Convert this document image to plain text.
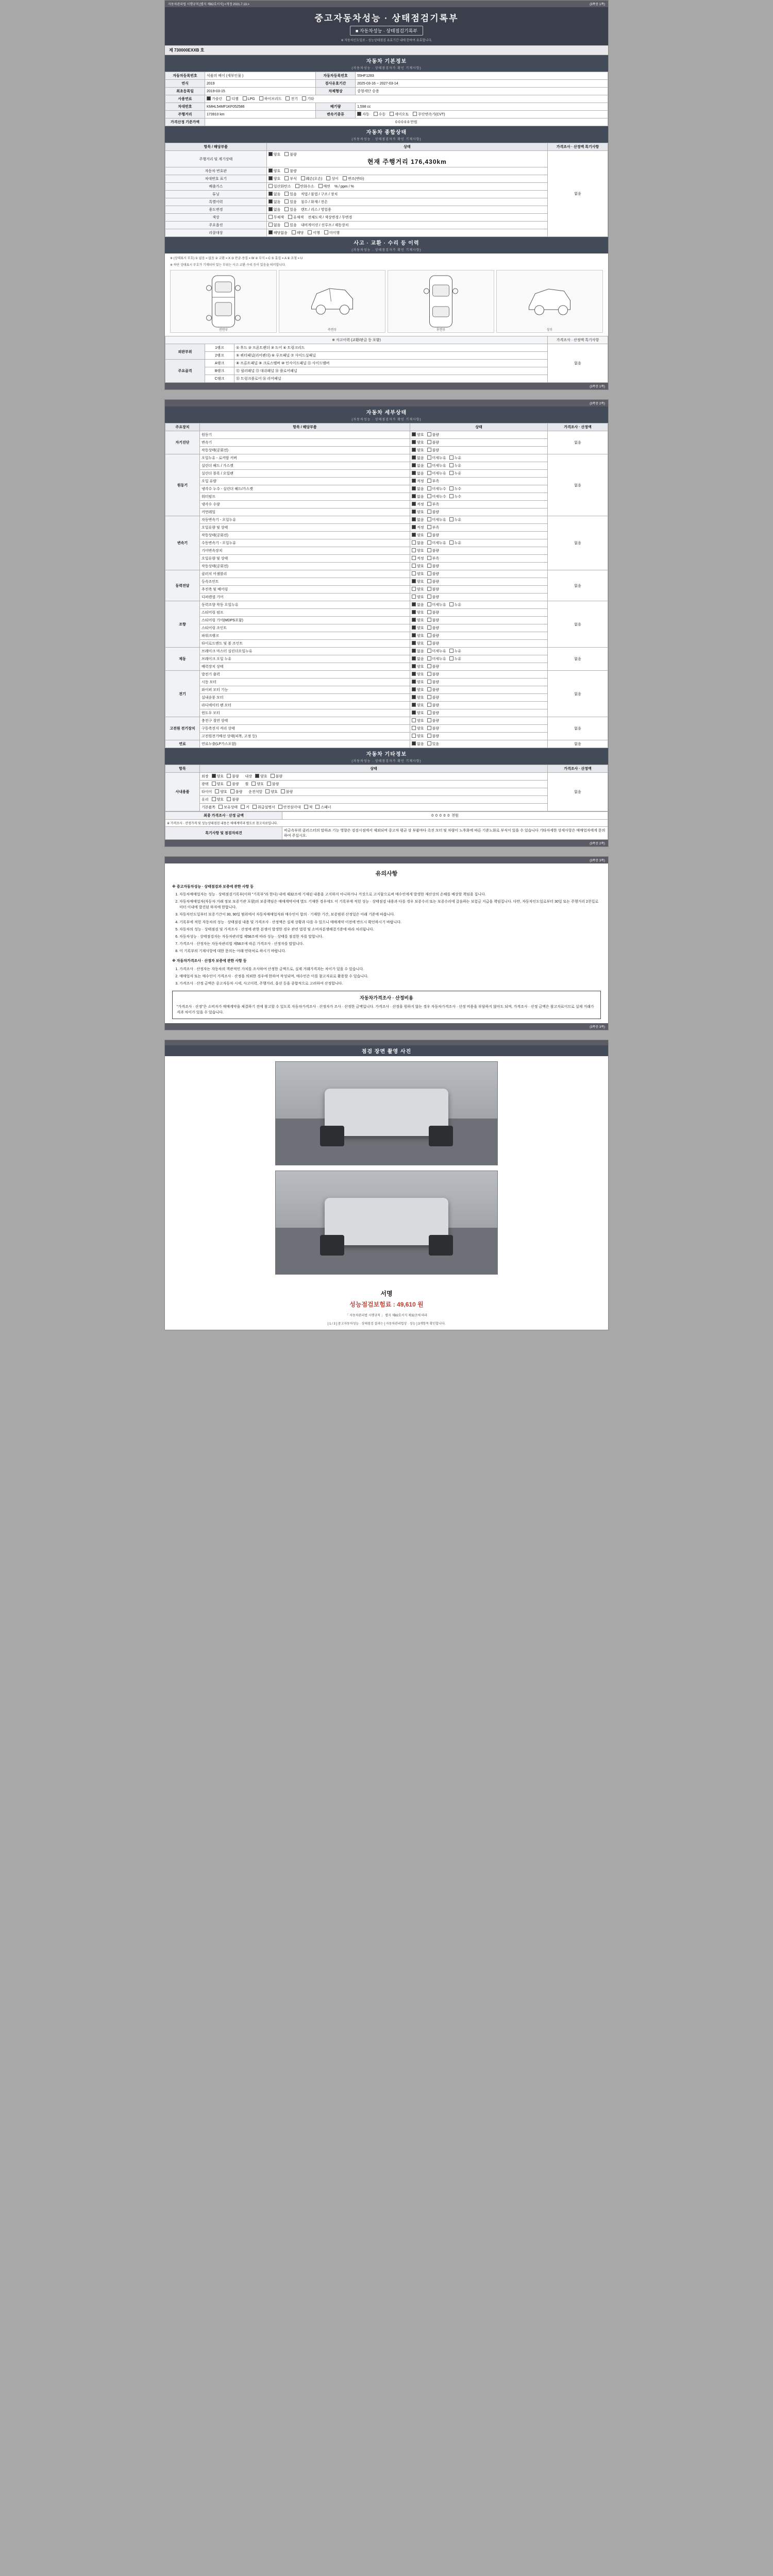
자동차관리법 시행규칙 [별지 제82호서식] <개정 2021.7.13.>	(3쪽중 1쪽)
중고자동차성능 · 상태점검기록부
■ 자동차성능 · 상태점검기록부
※ 자동차인도일로 - 성능상태점검 유효기간 내에 한하여 유효합니다.
제 730000EXXB 호
자동차 기본정보
(자동차성능 · 상태점검자가 확인 기재사항)
자동차등록번호	식품의 베이 (세부인물 )	자동차등록번호	55HF1283
연식	2019	검사유효기간	2025-03-16 ~ 2027-03-14
최초등록일	2019-03-15	차체형상	중형세단 승용
사용연료	가솔린 디젤 LPG 하이브리드 전기 기타		
차대번호	KMHL54MF1KF052586	배기량	1,598 cc
주행거리	173910 km	변속기종류	자동 수동 세미오토 무단변속기(CVT)
가격산정 기준가액	0 0 0 0 0 만원		
자동차 종합상태
(자동차성능 · 상태점검자가 확인 기재사항)
항목 / 해당부품	상태	가격조사 · 산정액 특기사항
주행거리 및 계기상태	양호 불량
현재 주행거리 176,430km	없음
자동차 번호판	양호 불량	
차대번호 표기	양호 부식 훼손(오손) 상이 변조(변타)	
배출가스	일산화탄소 탄화수소 매연 % / ppm / %	
튜닝	없음 있음 적법 / 불법 / 구조 / 장치	
특별이력	없음 있음 침수 / 화재 / 전손	
용도변경	없음 있음 렌트 / 리스 / 영업용	
색상	무채색 유채색 전체도색 / 색상변경 / 무변경	
주요옵션	없음 있음 내비게이션 / 선루프 / 제동장치	
리콜대상	해당없음 해당 이행 미이행	
사고 · 교환 · 수리 등 이력
(자동차성능 · 상태점검자가 확인 기재사항)
※ (상태표시 부호) ① 없음 = 없음 ② 교환 = X ③ 판금·용접 = W ④ 부식 = C ⑤ 흠집 = A ⑥ 요철 = U
※ 하단 상태표시 부호가 기재되어 있는 부위는 사고·교환·수리 등이 있음을 의미합니다.
전면부	측면부	후면부	상부
※ 사고이력 (교환/판금 등 포함)			가격조사 · 산정액 특기사항
외판부위	1랭크	① 후드 ② 프론트펜더 ③ 도어 ④ 트렁크리드	없음
	2랭크	⑤ 쿼터패널(리어펜더) ⑥ 루프패널 ⑦ 사이드실패널	
주요골격	A랭크	⑧ 프론트패널 ⑨ 크로스멤버 ⑩ 인사이드패널 ⑪ 사이드멤버	
	B랭크	⑫ 필러패널 ⑬ 대쉬패널 ⑭ 플로어패널	
	C랭크	⑮ 트렁크플로어 ⑯ 리어패널	
(3쪽중 1쪽)

(3쪽중 2쪽)
자동차 세부상태
(자동차성능 · 상태점검자가 확인 기재사항)
주요장치	항목 / 해당부품	상태	가격조사 · 산정액
자기진단	원동기	양호 불량	없음
	변속기	양호 불량	
	작동상태(공회전)	양호 불량	
원동기	오일누유 - 로커암 커버	없음 미세누유 누유	없음
	실린더 헤드 / 가스켓	없음 미세누유 누유	
	실린더 블록 / 오일팬	없음 미세누유 누유	
	오일 유량	적정 부족	
	냉각수 누수 - 실린더 헤드/가스켓	없음 미세누수 누수	
	워터펌프	없음 미세누수 누수	
	냉각수 수량	적정 부족	
	커먼레일	양호 불량	
변속기	자동변속기 - 오일누유	없음 미세누유 누유	없음
	오일유량 및 상태	적정 부족	
	작동상태(공회전)	양호 불량	
	수동변속기 - 오일누유	없음 미세누유 누유	
	기어변속장치	양호 불량	
	오일유량 및 상태	적정 부족	
	작동상태(공회전)	양호 불량	
동력전달	클러치 어셈블리	양호 불량	없음
	등속조인트	양호 불량	
	추진축 및 베어링	양호 불량	
	디퍼렌셜 기어	양호 불량	
조향	동력조향 작동 오일누유	없음 미세누유 누유	없음
	스티어링 펌프	양호 불량	
	스티어링 기어(MDPS포함)	양호 불량	
	스티어링 조인트	양호 불량	
	파워크랭크	양호 불량	
	타이로드엔드 및 볼 조인트	양호 불량	
제동	브레이크 마스터 실린더오일누유	없음 미세누유 누유	없음
	브레이크 오일 누유	없음 미세누유 누유	
	배력장치 상태	양호 불량	
전기	발전기 출력	양호 불량	없음
	시동 모터	양호 불량	
	와이퍼 모터 기능	양호 불량	
	실내송풍 모터	양호 불량	
	라디에이터 팬 모터	양호 불량	
	윈도우 모터	양호 불량	
고전원 전기장치	충전구 절연 상태	양호 불량	없음
	구동축전지 격리 상태	양호 불량	
	고전원전기배선 상태(피복, 고정 등)	양호 불량	
연료	연료누출(LP가스포함)	없음 있음	없음
자동차 기타정보
(자동차성능 · 상태점검자가 확인 기재사항)
항목	상태	가격조사 · 산정액
사내용품	외장 양호 불량 내장 양호 불량	없음
	광택 양호 불량 휠 양호 불량	
	타이어 양호 불량 운전석앞 양호 불량	
	유리 양호 불량	
	기본품목 보유상태 키 취급설명서 안전삼각대 잭 스패너	
최종 가격조사 · 산정 금액	0 0 0 0 0 천원
※ 가격조사 · 산정가격 및 성능상태점검 내용은 매매계약과 별도로 참고자료입니다.	
특기사항 및 점검자의견	비금속부위 클러스터의 말하죠 기능 영향은 검검시점에서 제외되며 중고차 평균 상 부품마다 촉진 모터 및 차량이 노후화에 따른 기준노화로 부식이 있을 수 있습니다 기타자세한 상세사항은 매매업자에게 문의하여 주십시오.
(3쪽중 2쪽)

(3쪽중 3쪽)
유의사항

※ 중고자동차성능 · 상태점검과 보증에 관한 사항 등

1. 자동차매매업자는 성능 · 상태점검기록부(이하 "기록부"라 한다) 내에 제32조에 기재된 내용을 고지하지 아니하거나 거짓으로 고지함으로써 매수인에게 발생한 재산상의 손해를 배상할 책임을 집니다.
2. 자동차매매업자(자동차 거래 정보 보증기관 포함)의 보증책임은 매매계약서에 별도 기재한 경우에도 이 기록부에 적힌 성능 · 상태점검 내용과 다를 경우 보증수리 또는 보증수리에 갈음하는 보험금 지급을 책임집니다. 다만, 자동차인도일로부터 30일 또는 주행거리 2천킬로미터 이내에 발견된 하자에 한합니다.
3. 자동차인도일부터 보증기간이 30, 90일 범위에서 자동차매매업자와 매수인이 합의 · 기재한 기간, 보증범위 산정일은 아래 기준에 따릅니다.
4. 기록부에 적힌 자동차의 성능 · 상태점검 내용 및 가격조사 · 산정액은 실제 상황과 다를 수 있으니 매매계약 이전에 반드시 확인하시기 바랍니다.
5. 자동차의 성능 · 상태점검 및 가격조사 · 산정에 관한 분쟁이 발생한 경우 관련 법령 및 소비자분쟁해결기준에 따라 처리됩니다.
6. 자동차성능 · 상태점검자는 자동차관리법 제58조에 따라 성능 · 상태를 점검한 자를 말합니다.
7. 가격조사 · 산정자는 자동차관리법 제58조에 따른 가격조사 · 산정자를 말합니다.
8. 이 기록부의 기재사항에 대한 문의는 아래 연락처로 하시기 바랍니다.

※ 자동차가격조사 · 산정자 보증에 관한 사항 등

1. 가격조사 · 산정자는 자동차의 객관적인 가치를 조사하여 산정한 금액으로, 실제 거래가격과는 차이가 있을 수 있습니다.
2. 매매업자 또는 매수인이 가격조사 · 산정을 의뢰한 경우에 한하여 작성되며, 매수인은 이를 참고자료로 활용할 수 있습니다.
3. 가격조사 · 산정 금액은 중고자동차 시세, 사고이력, 주행거리, 옵션 등을 종합적으로 고려하여 산정합니다.
자동차가격조사 · 산정비용
"가격조사 · 산정"은 소비자가 매매계약을 체결하기 전에 참고할 수 있도록 자동차가격조사 · 산정자가 조사 · 산정한 금액입니다. 가격조사 · 산정을 원하지 않는 경우 자동차가격조사 · 산정 비용을 부담하지 않아도 되며, 가격조사 · 산정 금액은 참고자료이므로 실제 거래가격과 차이가 있을 수 있습니다.
(3쪽중 3쪽)

점검 장면 촬영 사진
서명
성능점검보험료 : 49,610 원
「 자동차관리법 시행규칙 」 별지 제82호서식 제32조에 따라
[ 1 / 3 ] 중고자동차성능 · 상태점검 결과는 [ 자동차관리법상 · 성능 ] 3개항목 확인합니다.
